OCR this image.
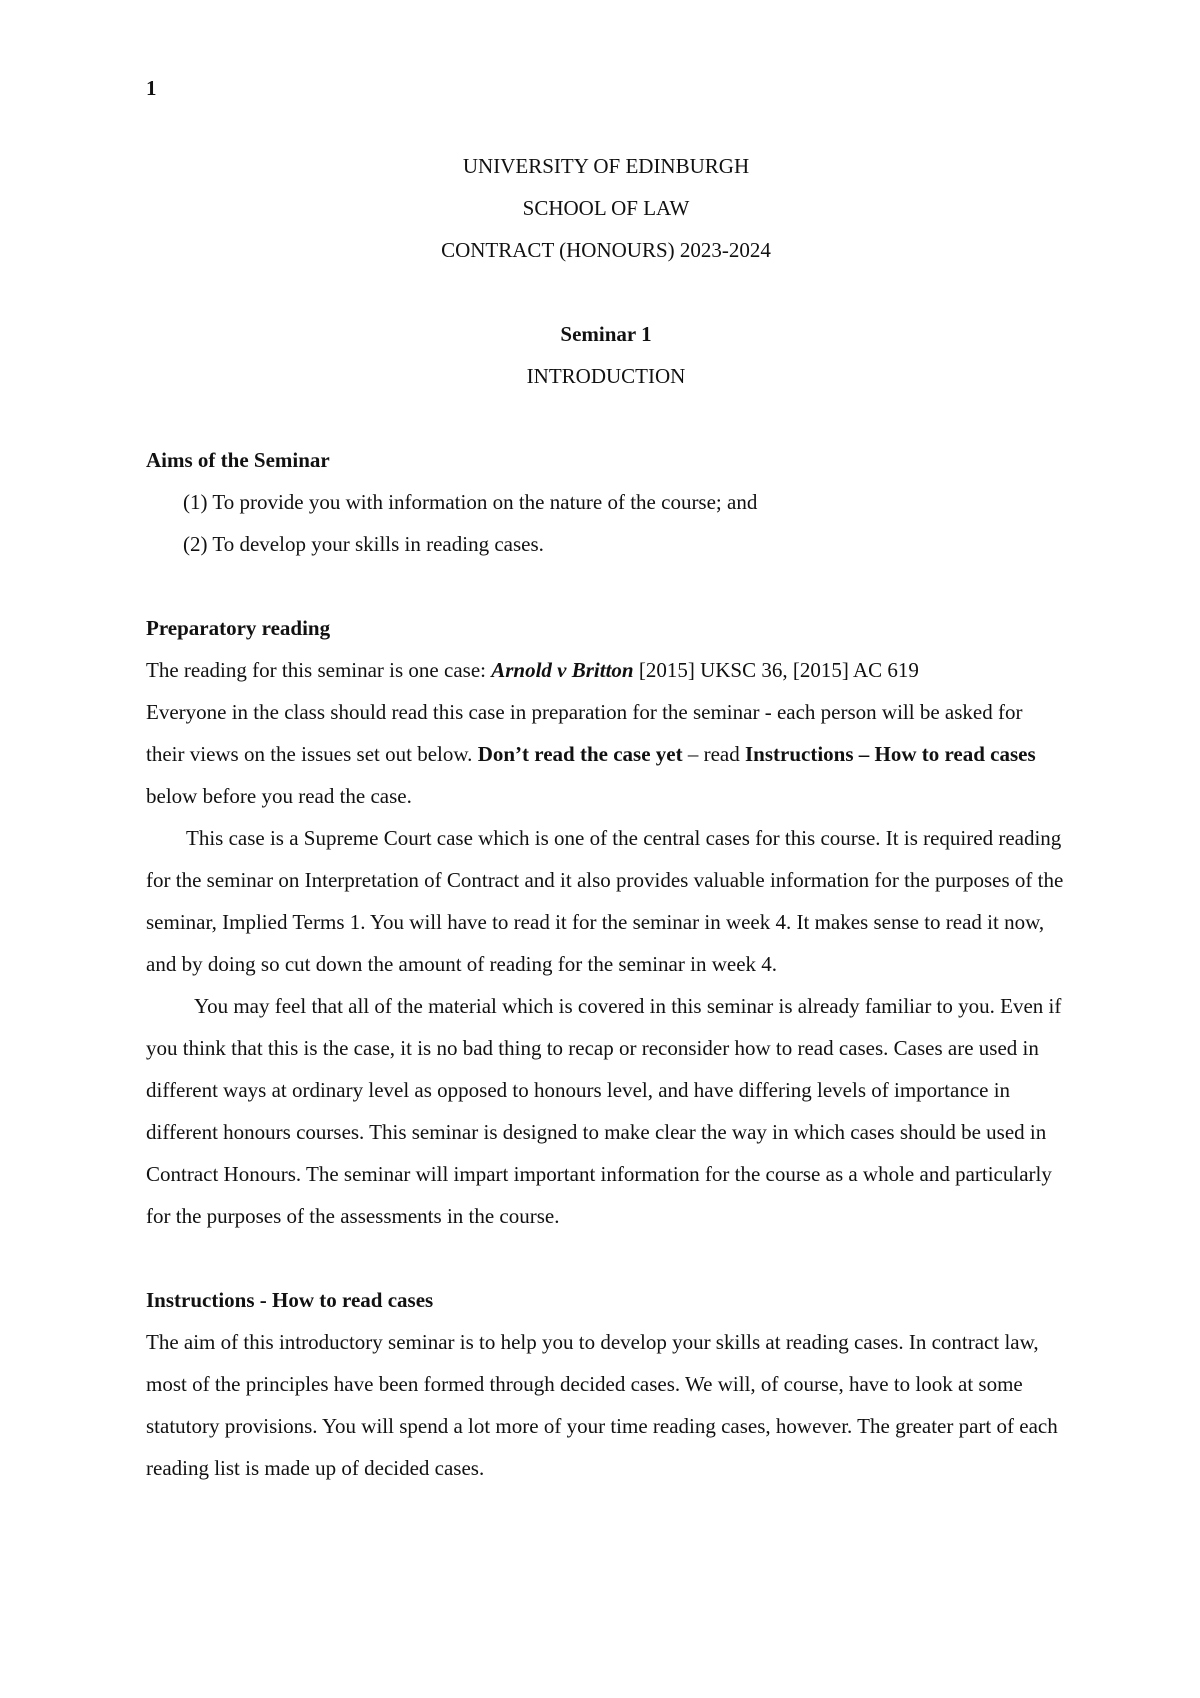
1

UNIVERSITY OF EDINBURGH

SCHOOL OF LAW

CONTRACT (HONOURS) 2023-2024

Seminar 1

INTRODUCTION

Aims of the Seminar

(1) To provide you with information on the nature of the course; and

(2) To develop your skills in reading cases.

Preparatory reading

The reading for this seminar is one case: Arnold v Britton [2015] UKSC 36, [2015] AC 619

Everyone in the class should read this case in preparation for the seminar - each person will be asked for their views on the issues set out below. Don’t read the case yet – read Instructions – How to read cases below before you read the case.

This case is a Supreme Court case which is one of the central cases for this course. It is required reading for the seminar on Interpretation of Contract and it also provides valuable information for the purposes of the seminar, Implied Terms 1. You will have to read it for the seminar in week 4. It makes sense to read it now, and by doing so cut down the amount of reading for the seminar in week 4.

You may feel that all of the material which is covered in this seminar is already familiar to you. Even if you think that this is the case, it is no bad thing to recap or reconsider how to read cases. Cases are used in different ways at ordinary level as opposed to honours level, and have differing levels of importance in different honours courses. This seminar is designed to make clear the way in which cases should be used in Contract Honours. The seminar will impart important information for the course as a whole and particularly for the purposes of the assessments in the course.

Instructions - How to read cases

The aim of this introductory seminar is to help you to develop your skills at reading cases. In contract law, most of the principles have been formed through decided cases. We will, of course, have to look at some statutory provisions. You will spend a lot more of your time reading cases, however. The greater part of each reading list is made up of decided cases.
